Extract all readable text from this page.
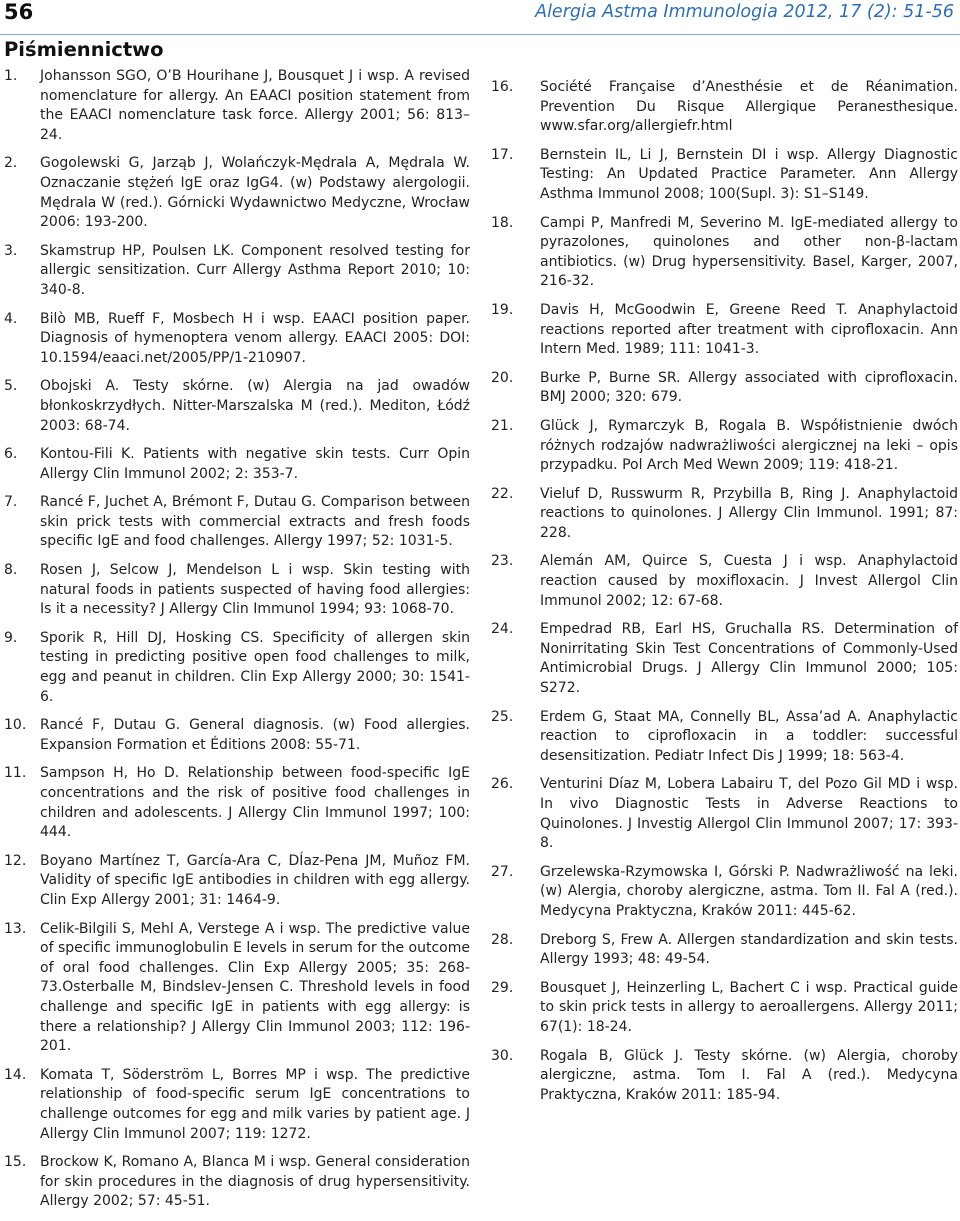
56	Alergia Astma Immunologia 2012, 17 (2): 51-56
Piśmiennictwo
1.	Johansson SGO, O’B Hourihane J, Bousquet J i wsp. A revised nomenclature for allergy. An EAACI position statement from the EAACI nomenclature task force. Allergy 2001; 56: 813–24.
2.	Gogolewski G, Jarząb J, Wolańczyk-Mędrala A, Mędrala W. Oznaczanie stężeń IgE oraz IgG4. (w) Podstawy alergologii. Mędrala W (red.). Górnicki Wydawnictwo Medyczne, Wrocław 2006: 193-200.
3.	Skamstrup HP, Poulsen LK. Component resolved testing for allergic sensitization. Curr Allergy Asthma Report 2010; 10: 340-8.
4.	Bilò MB, Rueff F, Mosbech H i wsp. EAACI position paper. Diagnosis of hymenoptera venom allergy. EAACI 2005: DOI: 10.1594/eaaci.net/2005/PP/1-210907.
5.	Obojski A. Testy skórne. (w) Alergia na jad owadów błonkoskrzydłych. Nitter-Marszalska M (red.). Mediton, Łódź 2003: 68-74.
6.	Kontou-Fili K. Patients with negative skin tests. Curr Opin Allergy Clin Immunol 2002; 2: 353-7.
7.	Rancé F, Juchet A, Brémont F, Dutau G. Comparison between skin prick tests with commercial extracts and fresh foods specific IgE and food challenges. Allergy 1997; 52: 1031-5.
8.	Rosen J, Selcow J, Mendelson L i wsp. Skin testing with natural foods in patients suspected of having food allergies: Is it a necessity? J Allergy Clin Immunol 1994; 93: 1068-70.
9.	Sporik R, Hill DJ, Hosking CS. Specificity of allergen skin testing in predicting positive open food challenges to milk, egg and peanut in children. Clin Exp Allergy 2000; 30: 1541-6.
10. Rancé F, Dutau G. General diagnosis. (w) Food allergies. Expansion Formation et Éditions 2008: 55-71.
11. Sampson H, Ho D. Relationship between food-specific IgE concentrations and the risk of positive food challenges in children and adolescents. J Allergy Clin Immunol 1997; 100: 444.
12. Boyano Martínez T, García-Ara C, DÍaz-Pena JM, Muñoz FM. Validity of specific IgE antibodies in children with egg allergy. Clin Exp Allergy 2001; 31: 1464-9.
13. Celik-Bilgili S, Mehl A, Verstege A i wsp. The predictive value of specific immunoglobulin E levels in serum for the outcome of oral food challenges. Clin Exp Allergy 2005; 35: 268-73.Osterballe M, Bindslev-Jensen C. Threshold levels in food challenge and specific IgE in patients with egg allergy: is there a relationship? J Allergy Clin Immunol 2003; 112: 196-201.
14. Komata T, Söderström L, Borres MP i wsp. The predictive relationship of food-specific serum IgE concentrations to challenge outcomes for egg and milk varies by patient age. J Allergy Clin Immunol 2007; 119: 1272.
15. Brockow K, Romano A, Blanca M i wsp. General consideration for skin procedures in the diagnosis of drug hypersensitivity. Allergy 2002; 57: 45-51.
16.	Société Française d’Anesthésie et de Réanimation. Prevention Du Risque Allergique Peranesthesique. www.sfar.org/allergiefr.html
17.	Bernstein IL, Li J, Bernstein DI i wsp. Allergy Diagnostic Testing: An Updated Practice Parameter. Ann Allergy Asthma Immunol 2008; 100(Supl. 3): S1–S149.
18.	Campi P, Manfredi M, Severino M. IgE-mediated allergy to pyrazolones, quinolones and other non-β-lactam antibiotics. (w) Drug hypersensitivity. Basel, Karger, 2007, 216-32.
19.	Davis H, McGoodwin E, Greene Reed T. Anaphylactoid reactions reported after treatment with ciprofloxacin. Ann Intern Med. 1989; 111: 1041-3.
20.	Burke P, Burne SR. Allergy associated with ciprofloxacin. BMJ 2000; 320: 679.
21.	Glück J, Rymarczyk B, Rogala B. Współistnienie dwóch różnych rodzajów nadwrażliwości alergicznej na leki – opis przypadku. Pol Arch Med Wewn 2009; 119: 418-21.
22.	Vieluf D, Russwurm R, Przybilla B, Ring J. Anaphylactoid reactions to quinolones. J Allergy Clin Immunol. 1991; 87: 228.
23.	Alemán AM, Quirce S, Cuesta J i wsp. Anaphylactoid reaction caused by moxifloxacin. J Invest Allergol Clin Immunol 2002; 12: 67-68.
24.	Empedrad RB, Earl HS, Gruchalla RS. Determination of Nonirritating Skin Test Concentrations of Commonly-Used Antimicrobial Drugs. J Allergy Clin Immunol 2000; 105: S272.
25.	Erdem G, Staat MA, Connelly BL, Assa’ad A. Anaphylactic reaction to ciprofloxacin in a toddler: successful desensitization. Pediatr Infect Dis J 1999; 18: 563-4.
26.	Venturini Díaz M, Lobera Labairu T, del Pozo Gil MD i wsp. In vivo Diagnostic Tests in Adverse Reactions to Quinolones. J Investig Allergol Clin Immunol 2007; 17: 393-8.
27.	Grzelewska-Rzymowska I, Górski P. Nadwrażliwość na leki. (w) Alergia, choroby alergiczne, astma. Tom II. Fal A (red.). Medycyna Praktyczna, Kraków 2011: 445-62.
28.	Dreborg S, Frew A. Allergen standardization and skin tests. Allergy 1993; 48: 49-54.
29.	Bousquet J, Heinzerling L, Bachert C i wsp. Practical guide to skin prick tests in allergy to aeroallergens. Allergy 2011; 67(1): 18-24.
30.	Rogala B, Glück J. Testy skórne. (w) Alergia, choroby alergiczne, astma. Tom I. Fal A (red.). Medycyna Praktyczna, Kraków 2011: 185-94.
